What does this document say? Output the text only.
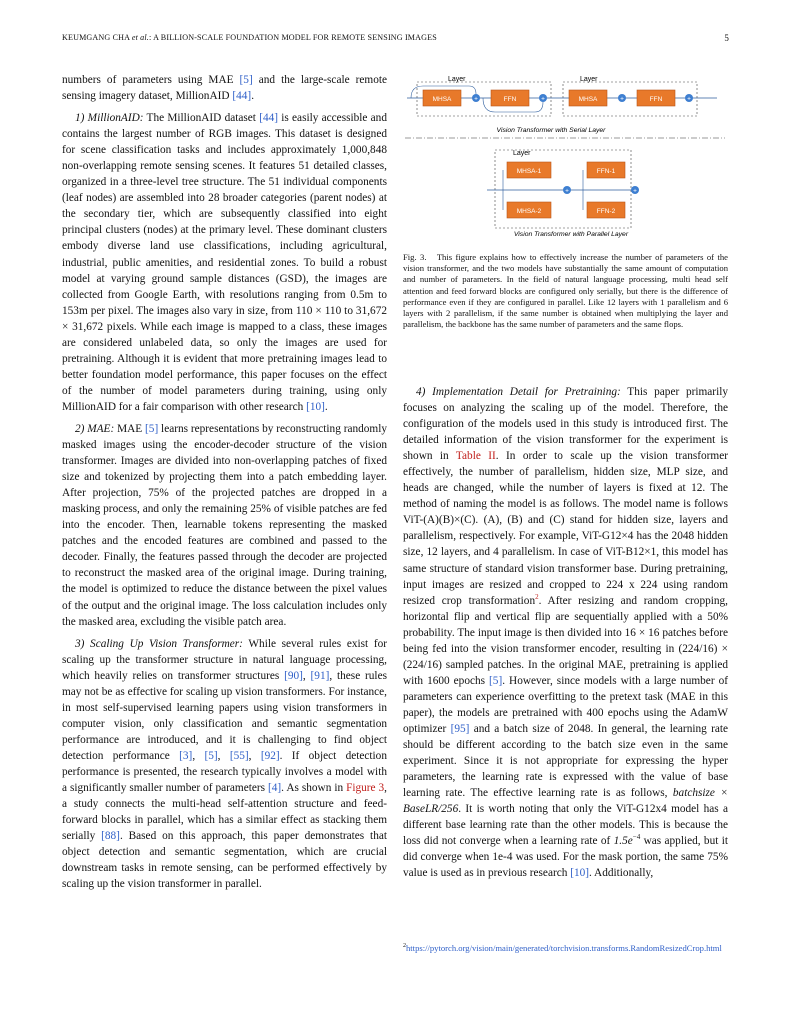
KEUMGANG CHA et al.: A BILLION-SCALE FOUNDATION MODEL FOR REMOTE SENSING IMAGES	5

numbers of parameters using MAE [5] and the large-scale remote sensing imagery dataset, MillionAID [44].

1) MillionAID: The MillionAID dataset [44] is easily accessible and contains the largest number of RGB images. This dataset is designed for scene classification tasks and includes approximately 1,000,848 non-overlapping remote sensing scenes. It features 51 detailed classes, organized in a three-level tree structure. The 51 individual components (leaf nodes) are assembled into 28 broader categories (parent nodes) at the secondary tier, which are subsequently classified into eight principal clusters (nodes) at the primary level. These dominant clusters embody diverse land use classifications, including agricultural, industrial, public amenities, and residential zones. To build a robust model at varying ground sample distances (GSD), the images are collected from Google Earth, with resolutions ranging from 0.5m to 153m per pixel. The images also vary in size, from 110 × 110 to 31,672 × 31,672 pixels. While each image is mapped to a class, these images are considered unlabeled data, so only the images are used for pretraining. Although it is evident that more pretraining images lead to better foundation model performance, this paper focuses on the effect of the number of model parameters during training, using only MillionAID for a fair comparison with other research [10].

2) MAE: MAE [5] learns representations by reconstructing randomly masked images using the encoder-decoder structure of the vision transformer. Images are divided into non-overlapping patches of fixed size and tokenized by projecting them into a patch embedding layer. After projection, 75% of the projected patches are dropped in a masking process, and only the remaining 25% of visible patches are fed into the encoder. Then, learnable tokens representing the masked patches and the encoded features are combined and passed to the decoder. Finally, the features passed through the decoder are projected to reconstruct the masked area of the original image. During training, the model is optimized to reduce the distance between the pixel values of the output and the original image. The loss calculation includes only the masked area, excluding the visible patch area.

3) Scaling Up Vision Transformer: While several rules exist for scaling up the transformer structure in natural language processing, which heavily relies on transformer structures [90], [91], these rules may not be as effective for scaling up vision transformers. For instance, in most self-supervised learning papers using vision transformers in computer vision, only classification and semantic segmentation performance are introduced, and it is challenging to find object detection performance [3], [5], [55], [92]. If object detection performance is presented, the research typically involves a model with a significantly smaller number of parameters [4]. As shown in Figure 3, a study connects the multi-head self-attention structure and feed-forward blocks in parallel, which has a similar effect as stacking them serially [88]. Based on this approach, this paper demonstrates that object detection and semantic segmentation, which are crucial downstream tasks in remote sensing, can be performed effectively by scaling up the vision transformer in parallel.

Layer	Layer
MHSA	+	FFN	+	MHSA	+	FFN	+
Vision Transformer with Serial Layer
Layer
MHSA-1
MHSA-2
+
FFN-1
FFN-2
+
Vision Transformer with Parallel Layer

Fig. 3. This figure explains how to effectively increase the number of parameters of the vision transformer, and the two models have substantially the same amount of computation and number of parameters. In the field of natural language processing, multi head self attention and feed forward blocks are configured only serially, but there is the difference of performance even if they are configured in parallel. Like 12 layers with 1 parallelism and 6 layers with 2 parallelism, if the same number is obtained when multiplying the layer and parallelism, the backbone has the same number of parameters and the same flops.

4) Implementation Detail for Pretraining: This paper primarily focuses on analyzing the scaling up of the model. Therefore, the configuration of the models used in this study is introduced first. The detailed information of the vision transformer for the experiment is shown in Table II. In order to scale up the vision transformer effectively, the number of parallelism, hidden size, MLP size, and heads are changed, while the number of layers is fixed at 12. The method of naming the model is as follows. The model name is follows ViT-(A)(B)×(C). (A), (B) and (C) stand for hidden size, layers and parallelism, respectively. For example, ViT-G12×4 has the 2048 hidden size, 12 layers, and 4 parallelism. In case of ViT-B12×1, this model has same structure of standard vision transformer base. During pretraining, input images are resized and cropped to 224 x 224 using random resized crop transformation$^2$. After resizing and random cropping, horizontal flip and vertical flip are sequentially applied with a 50% probability. The input image is then divided into 16 × 16 patches before being fed into the vision transformer encoder, resulting in (224/16) × (224/16) sampled patches. In the original MAE, pretraining is applied with 1600 epochs [5]. However, since models with a large number of parameters can experience overfitting to the pretext task (MAE in this paper), the models are pretrained with 400 epochs using the AdamW optimizer [95] and a batch size of 2048. In general, the learning rate should be different according to the batch size even in the same experiment. Since it is not appropriate for expressing the hyper parameters, the learning rate is expressed with the value of base learning rate. The effective learning rate is as follows, batchsize × BaseLR/256. It is worth noting that only the ViT-G12x4 model has a different base learning rate than the other models. This is because the loss did not converge when a learning rate of $1.5e^{-4}$ was applied, but it did converge when 1e-4 was used. For the mask portion, the same 75% value is used as in previous research [10]. Additionally,

$^2$https://pytorch.org/vision/main/generated/torchvision.transforms.RandomResizedCrop.html
